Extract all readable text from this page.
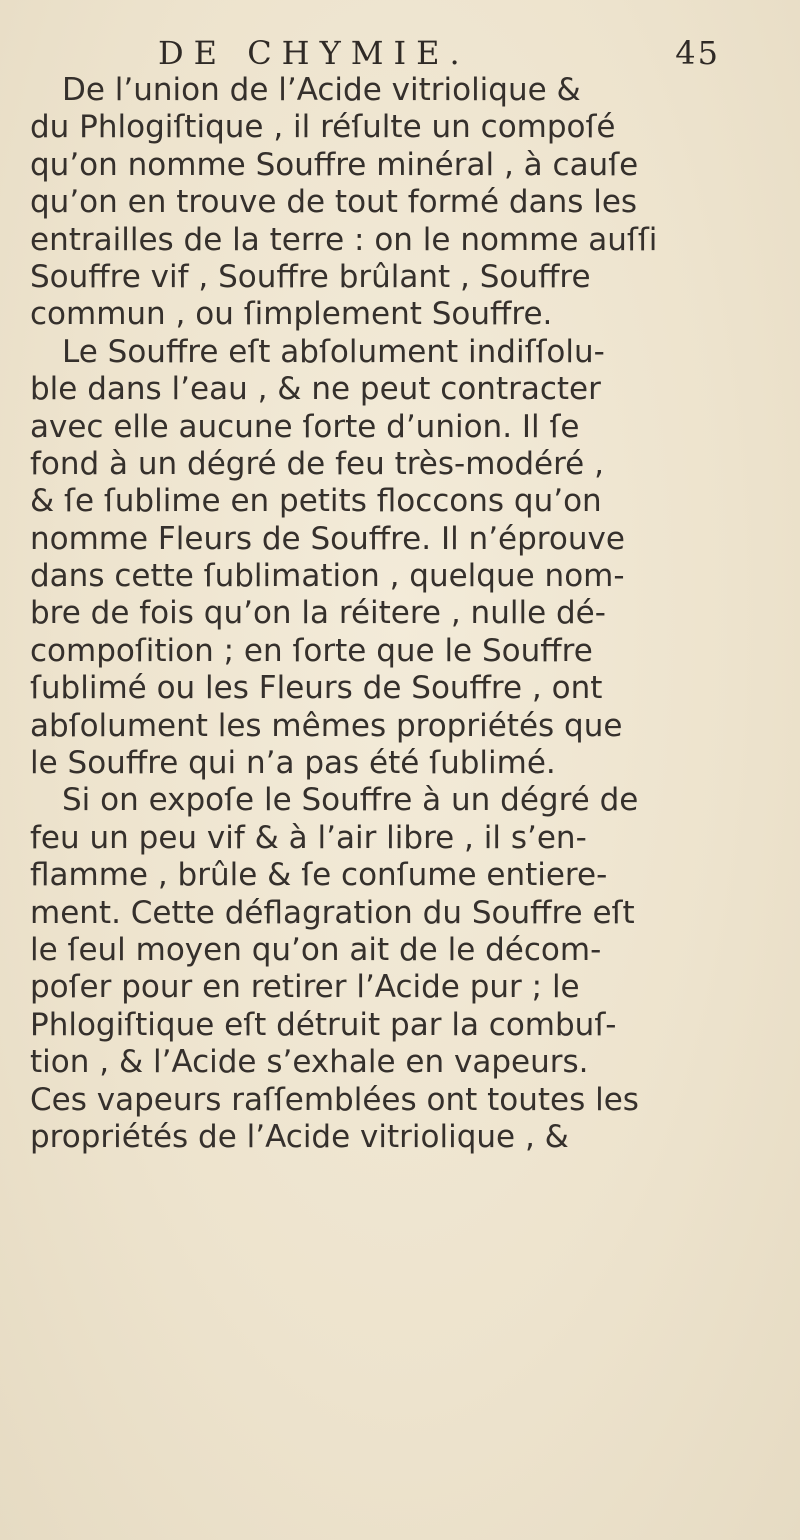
DE CHYMIE.	45
De l’union de l’Acide vitriolique &
du Phlogiſtique , il réſulte un compoſé
qu’on nomme Souffre minéral , à cauſe
qu’on en trouve de tout formé dans les
entrailles de la terre : on le nomme auſſi
Souffre vif , Souffre brûlant , Souffre
commun , ou ſimplement Souffre.
Le Souffre eſt abſolument indiſſolu-
ble dans l’eau , & ne peut contracter
avec elle aucune ſorte d’union. Il ſe
fond à un dégré de feu très-modéré ,
& ſe ſublime en petits floccons qu’on
nomme Fleurs de Souffre. Il n’éprouve
dans cette ſublimation , quelque nom-
bre de fois qu’on la réitere , nulle dé-
compoſition ; en ſorte que le Souffre
ſublimé ou les Fleurs de Souffre , ont
abſolument les mêmes propriétés que
le Souffre qui n’a pas été ſublimé.
Si on expoſe le Souffre à un dégré de
feu un peu vif & à l’air libre , il s’en-
flamme , brûle & ſe conſume entiere-
ment. Cette déflagration du Souffre eſt
le ſeul moyen qu’on ait de le décom-
poſer pour en retirer l’Acide pur ; le
Phlogiſtique eſt détruit par la combuſ-
tion , & l’Acide s’exhale en vapeurs.
Ces vapeurs raſſemblées ont toutes les
propriétés de l’Acide vitriolique , &
